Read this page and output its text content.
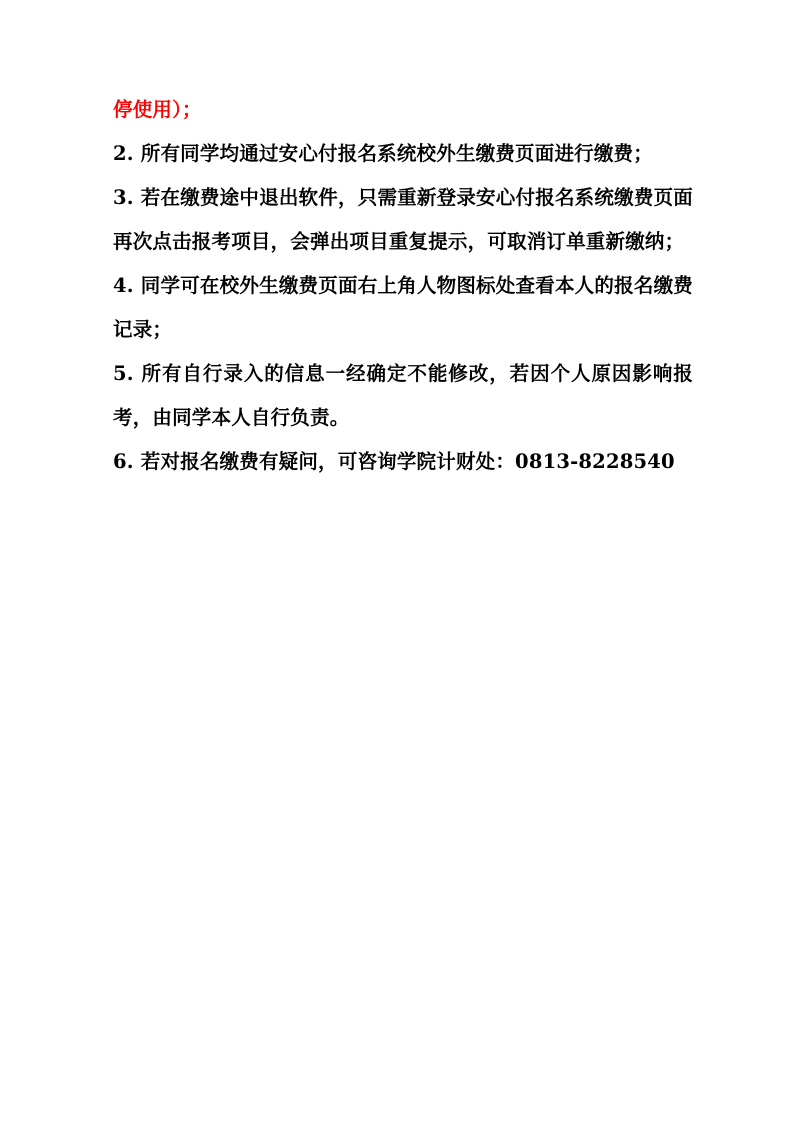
停使用）；

2. 所有同学均通过安心付报名系统校外生缴费页面进行缴费；

3. 若在缴费途中退出软件，只需重新登录安心付报名系统缴费页面再次点击报考项目，会弹出项目重复提示，可取消订单重新缴纳；

4. 同学可在校外生缴费页面右上角人物图标处查看本人的报名缴费记录；

5. 所有自行录入的信息一经确定不能修改，若因个人原因影响报考，由同学本人自行负责。

6. 若对报名缴费有疑问，可咨询学院计财处：0813-8228540
